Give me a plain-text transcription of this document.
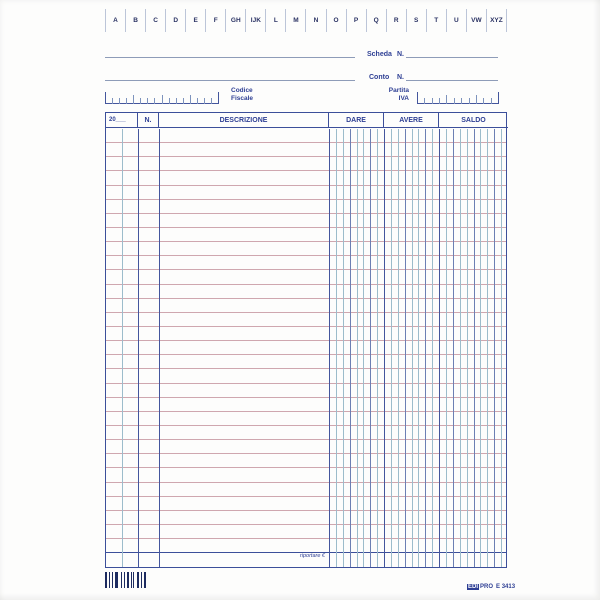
A	B	C	D	E	F	GH	IJK	L	M	N	O	P	Q	R	S	T	U	VW	XYZ
Scheda N.
Conto N.
Codice
Fiscale
Partita
IVA
20___	N.	DESCRIZIONE	DARE	AVERE	SALDO
riportare €
EDI PRO E 3413
